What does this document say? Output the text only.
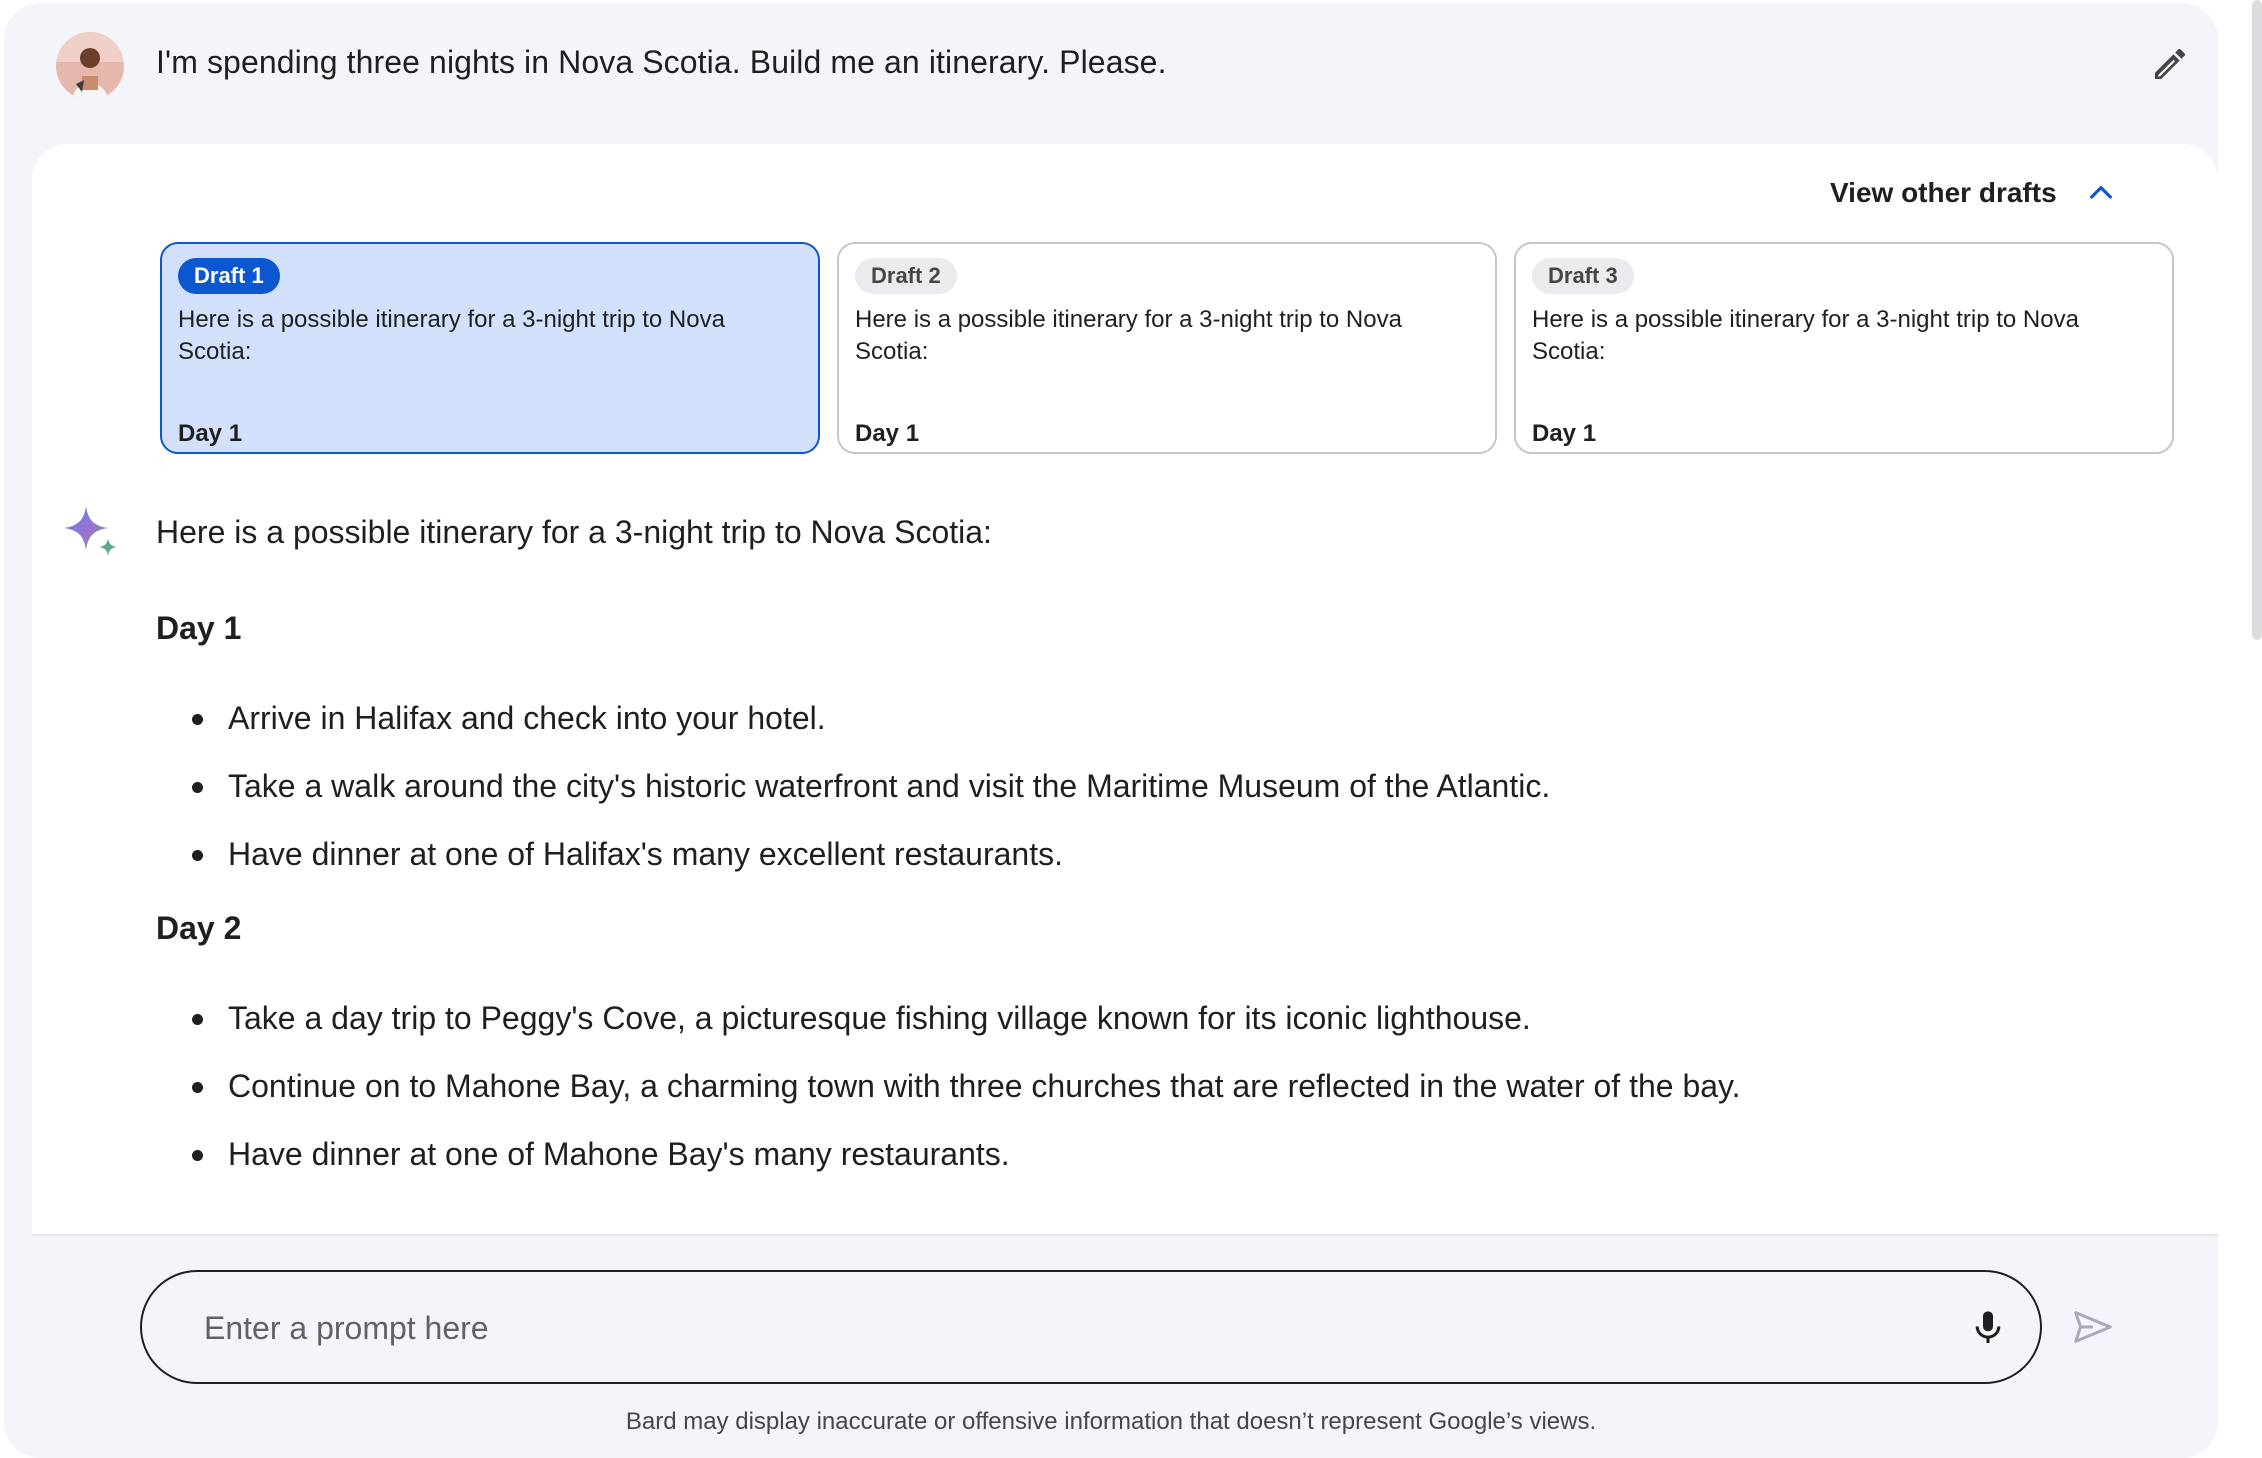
I'm spending three nights in Nova Scotia. Build me an itinerary. Please.
View other drafts
Draft 1
Here is a possible itinerary for a 3-night trip to Nova Scotia:
Day 1
Draft 2
Here is a possible itinerary for a 3-night trip to Nova Scotia:
Day 1
Draft 3
Here is a possible itinerary for a 3-night trip to Nova Scotia:
Day 1
Here is a possible itinerary for a 3-night trip to Nova Scotia:
Day 1
Arrive in Halifax and check into your hotel.
Take a walk around the city's historic waterfront and visit the Maritime Museum of the Atlantic.
Have dinner at one of Halifax's many excellent restaurants.
Day 2
Take a day trip to Peggy's Cove, a picturesque fishing village known for its iconic lighthouse.
Continue on to Mahone Bay, a charming town with three churches that are reflected in the water of the bay.
Have dinner at one of Mahone Bay's many restaurants.
Enter a prompt here
Bard may display inaccurate or offensive information that doesn’t represent Google’s views.
